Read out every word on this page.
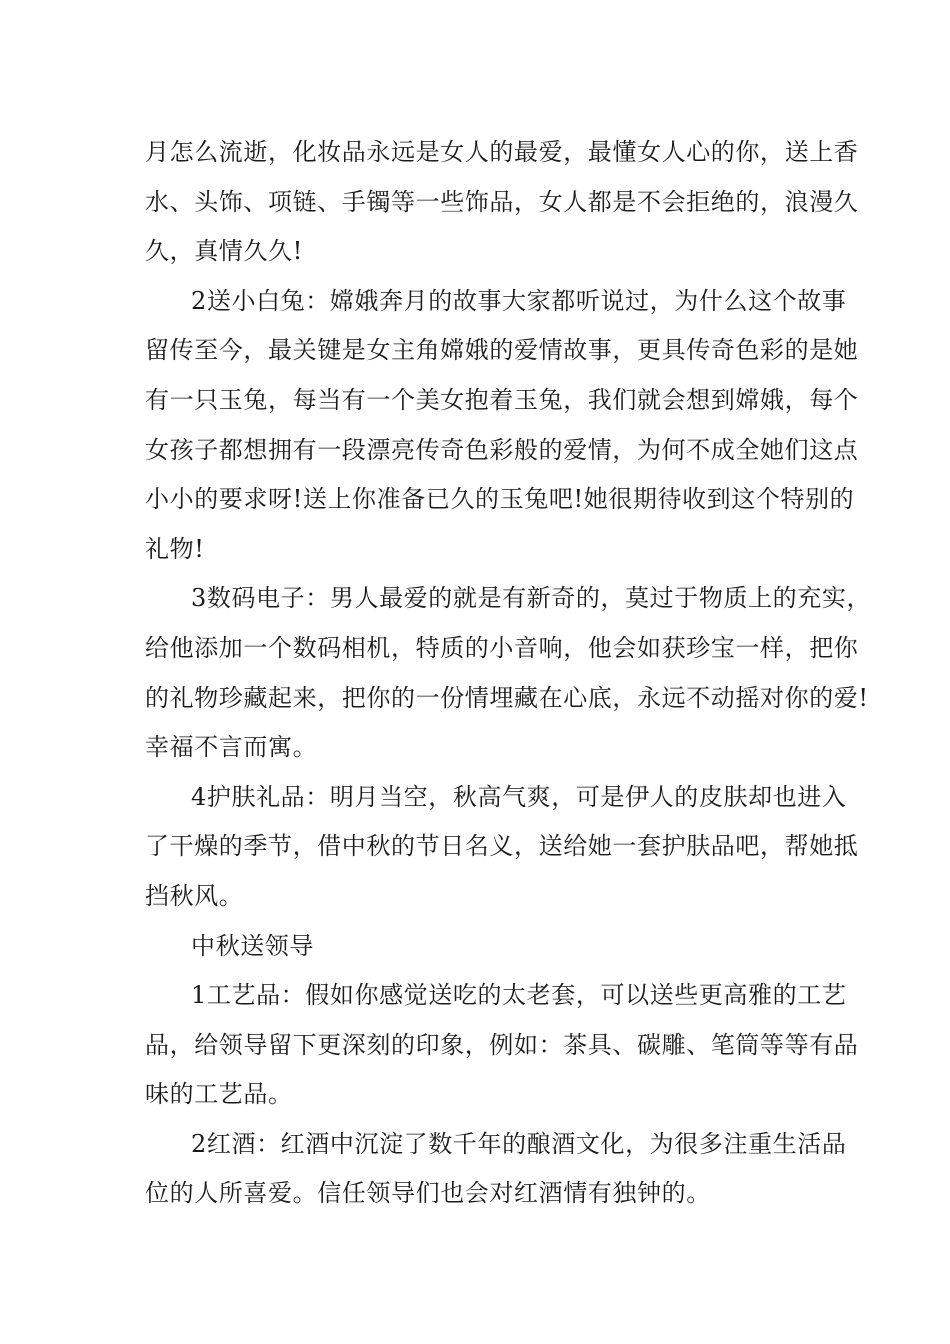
月怎么流逝，化妆品永远是女人的最爱，最懂女人心的你，送上香
水、头饰、项链、手镯等一些饰品，女人都是不会拒绝的，浪漫久
久，真情久久!

2送小白兔：嫦娥奔月的故事大家都听说过，为什么这个故事
留传至今，最关键是女主角嫦娥的爱情故事，更具传奇色彩的是她
有一只玉兔，每当有一个美女抱着玉兔，我们就会想到嫦娥，每个
女孩子都想拥有一段漂亮传奇色彩般的爱情，为何不成全她们这点
小小的要求呀!送上你准备已久的玉兔吧!她很期待收到这个特别的
礼物!

3数码电子：男人最爱的就是有新奇的，莫过于物质上的充实，
给他添加一个数码相机，特质的小音响，他会如获珍宝一样，把你
的礼物珍藏起来，把你的一份情埋藏在心底，永远不动摇对你的爱!
幸福不言而寓。

4护肤礼品：明月当空，秋高气爽，可是伊人的皮肤却也进入
了干燥的季节，借中秋的节日名义，送给她一套护肤品吧，帮她抵
挡秋风。

中秋送领导

1工艺品：假如你感觉送吃的太老套，可以送些更高雅的工艺
品，给领导留下更深刻的印象，例如：茶具、碳雕、笔筒等等有品
味的工艺品。

2红酒：红酒中沉淀了数千年的酿酒文化，为很多注重生活品
位的人所喜爱。信任领导们也会对红酒情有独钟的。
